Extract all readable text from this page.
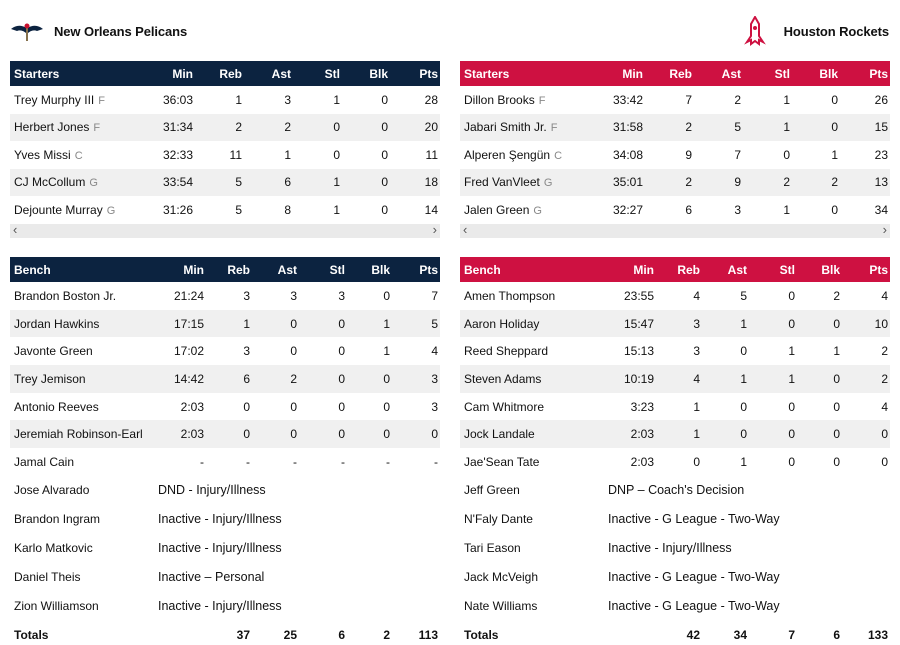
New Orleans Pelicans	Houston Rockets
Starters	Min	Reb	Ast	Stl	Blk	Pts
Trey Murphy III F	36:03	1	3	1	0	28
Herbert Jones F	31:34	2	2	0	0	20
Yves Missi C	32:33	11	1	0	0	11
CJ McCollum G	33:54	5	6	1	0	18
Dejounte Murray G	31:26	5	8	1	0	14
‹	›
Starters	Min	Reb	Ast	Stl	Blk	Pts
Dillon Brooks F	33:42	7	2	1	0	26
Jabari Smith Jr. F	31:58	2	5	1	0	15
Alperen Şengün C	34:08	9	7	0	1	23
Fred VanVleet G	35:01	2	9	2	2	13
Jalen Green G	32:27	6	3	1	0	34
‹	›
Bench	Min	Reb	Ast	Stl	Blk	Pts
Brandon Boston Jr.	21:24	3	3	3	0	7
Jordan Hawkins	17:15	1	0	0	1	5
Javonte Green	17:02	3	0	0	1	4
Trey Jemison	14:42	6	2	0	0	3
Antonio Reeves	2:03	0	0	0	0	3
Jeremiah Robinson-Earl	2:03	0	0	0	0	0
Jamal Cain	-	-	-	-	-	-
Jose Alvarado	DND - Injury/Illness					
Brandon Ingram	Inactive - Injury/Illness					
Karlo Matkovic	Inactive - Injury/Illness					
Daniel Theis	Inactive – Personal					
Zion Williamson	Inactive - Injury/Illness					
Totals		37	25	6	2	113
Bench	Min	Reb	Ast	Stl	Blk	Pts
Amen Thompson	23:55	4	5	0	2	4
Aaron Holiday	15:47	3	1	0	0	10
Reed Sheppard	15:13	3	0	1	1	2
Steven Adams	10:19	4	1	1	0	2
Cam Whitmore	3:23	1	0	0	0	4
Jock Landale	2:03	1	0	0	0	0
Jae'Sean Tate	2:03	0	1	0	0	0
Jeff Green	DNP – Coach's Decision					
N'Faly Dante	Inactive - G League - Two-Way					
Tari Eason	Inactive - Injury/Illness					
Jack McVeigh	Inactive - G League - Two-Way					
Nate Williams	Inactive - G League - Two-Way					
Totals		42	34	7	6	133
